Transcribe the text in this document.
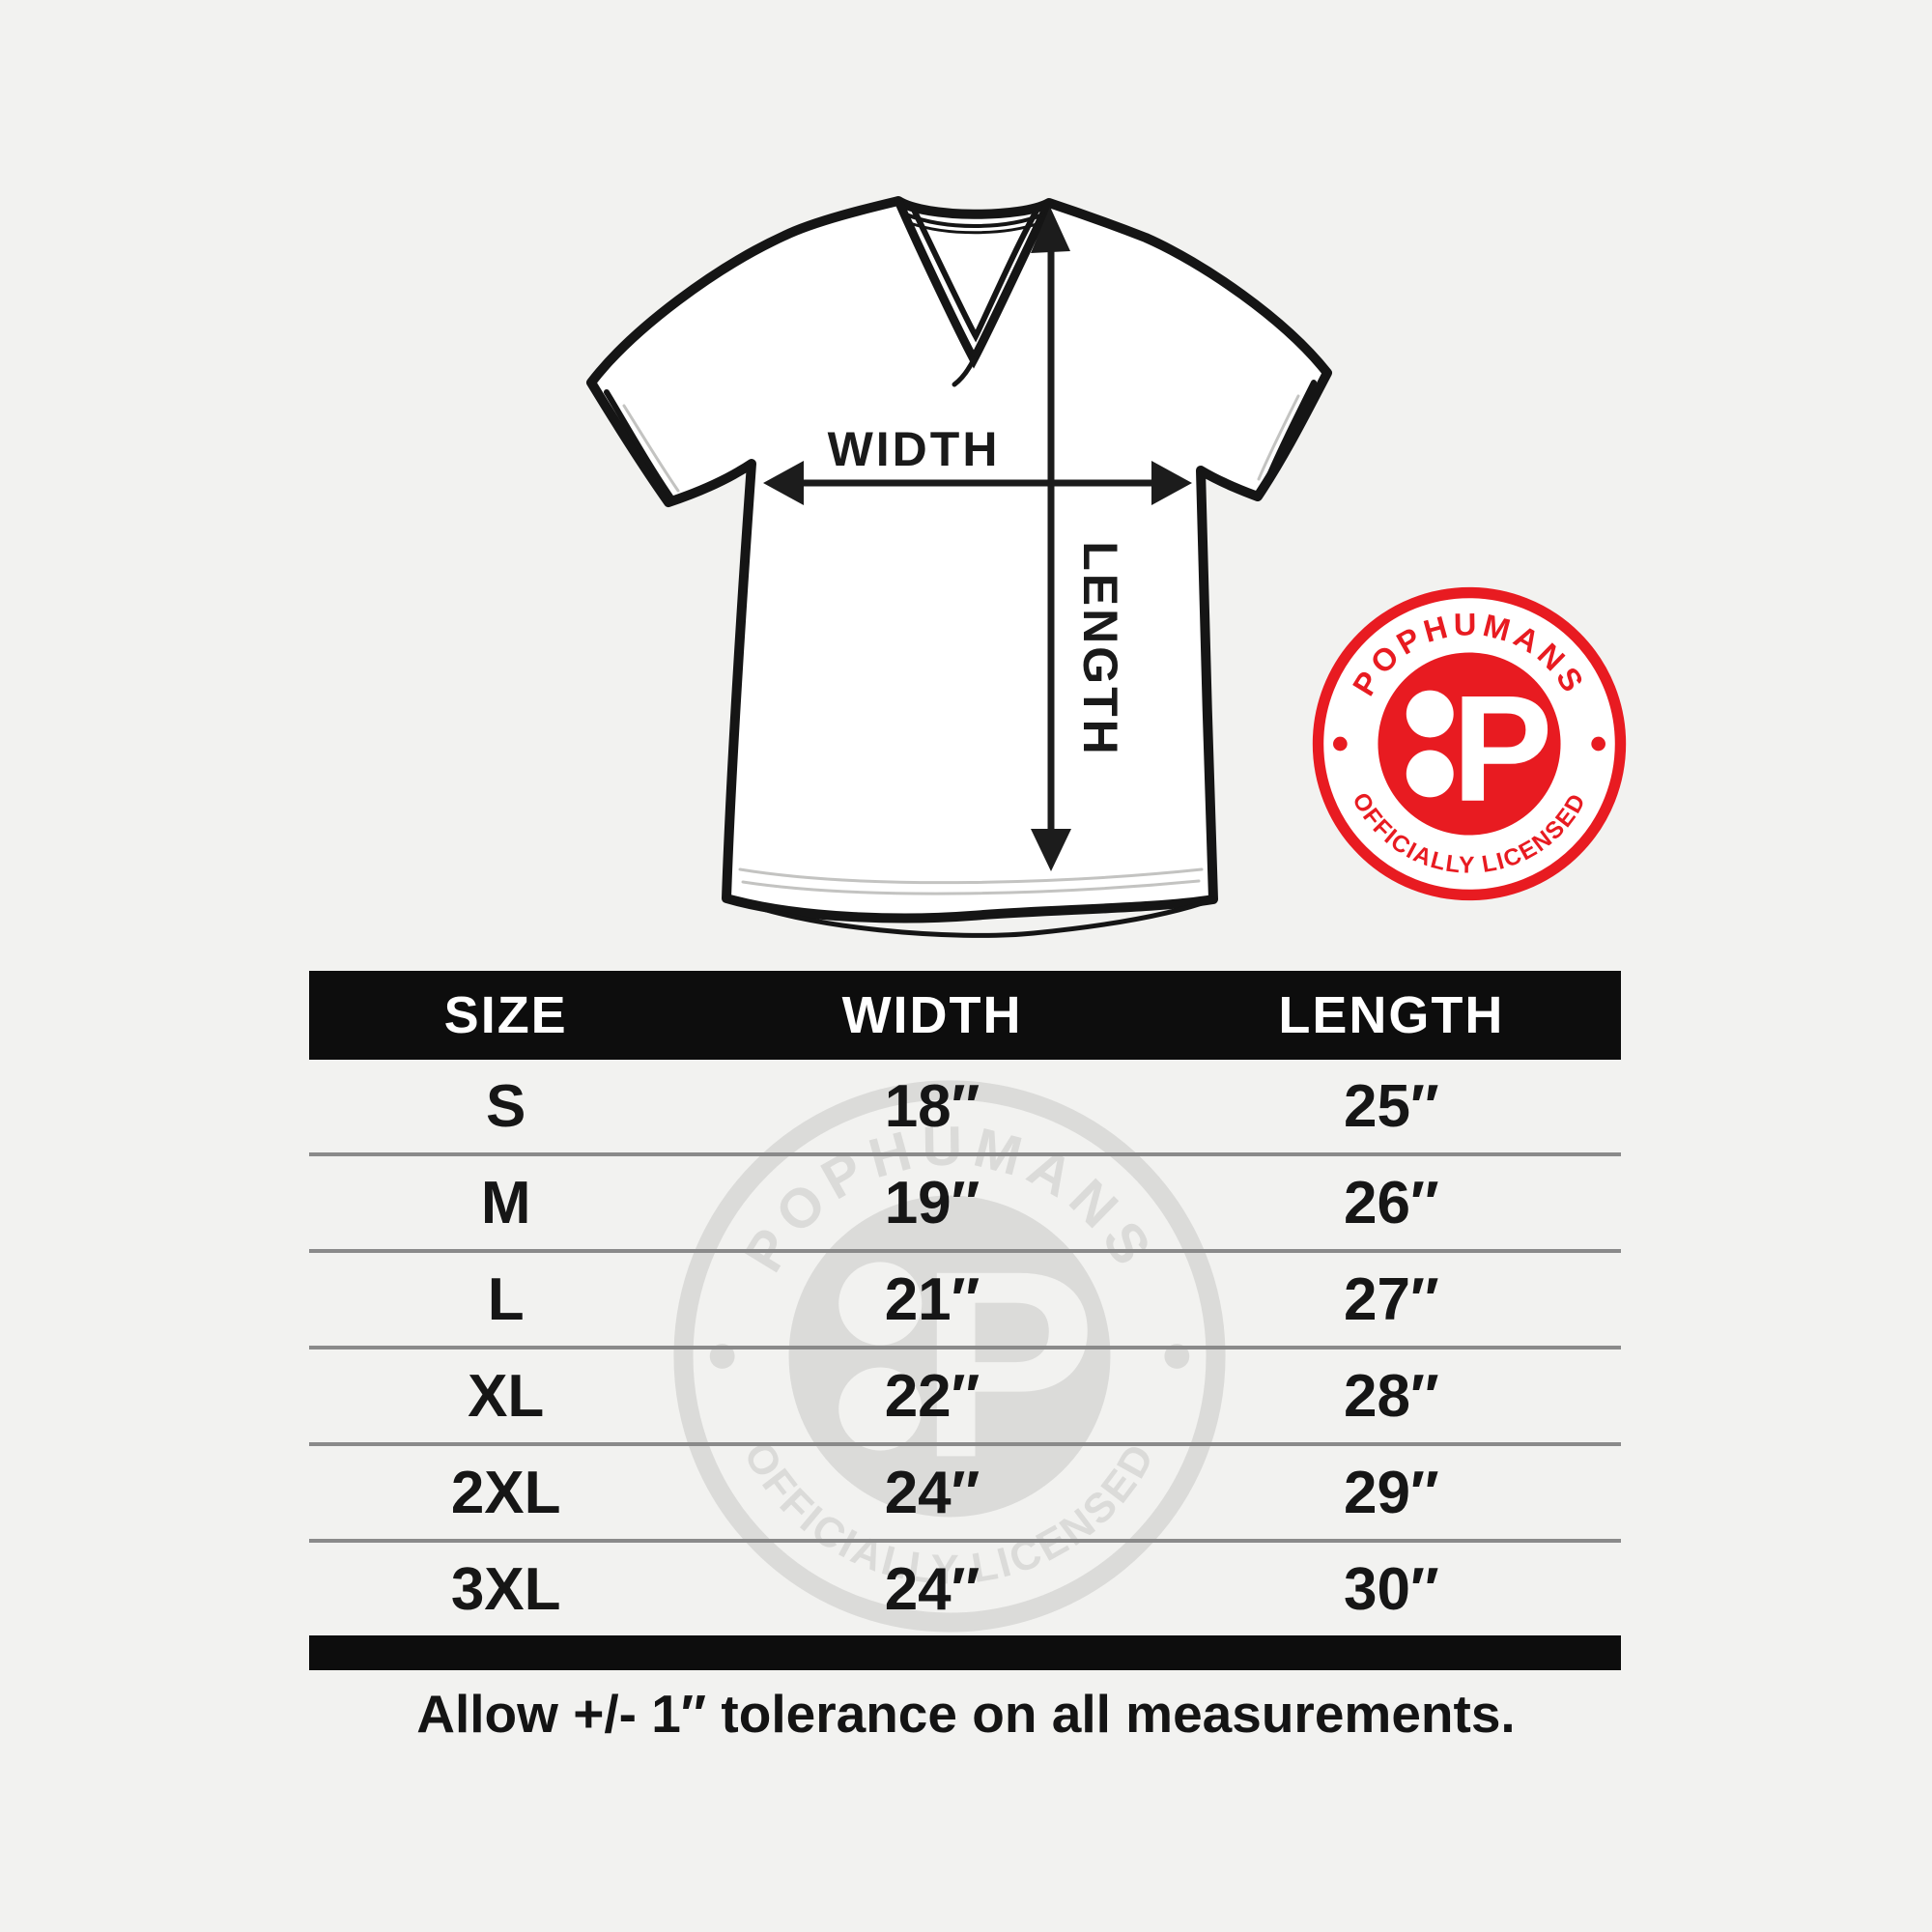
WIDTH
LENGTH
SIZE	WIDTH	LENGTH
S	18″	25″
M	19″	26″
L	21″	27″
XL	22″	28″
2XL	24″	29″
3XL	24″	30″
Allow +/- 1″ tolerance on all measurements.
